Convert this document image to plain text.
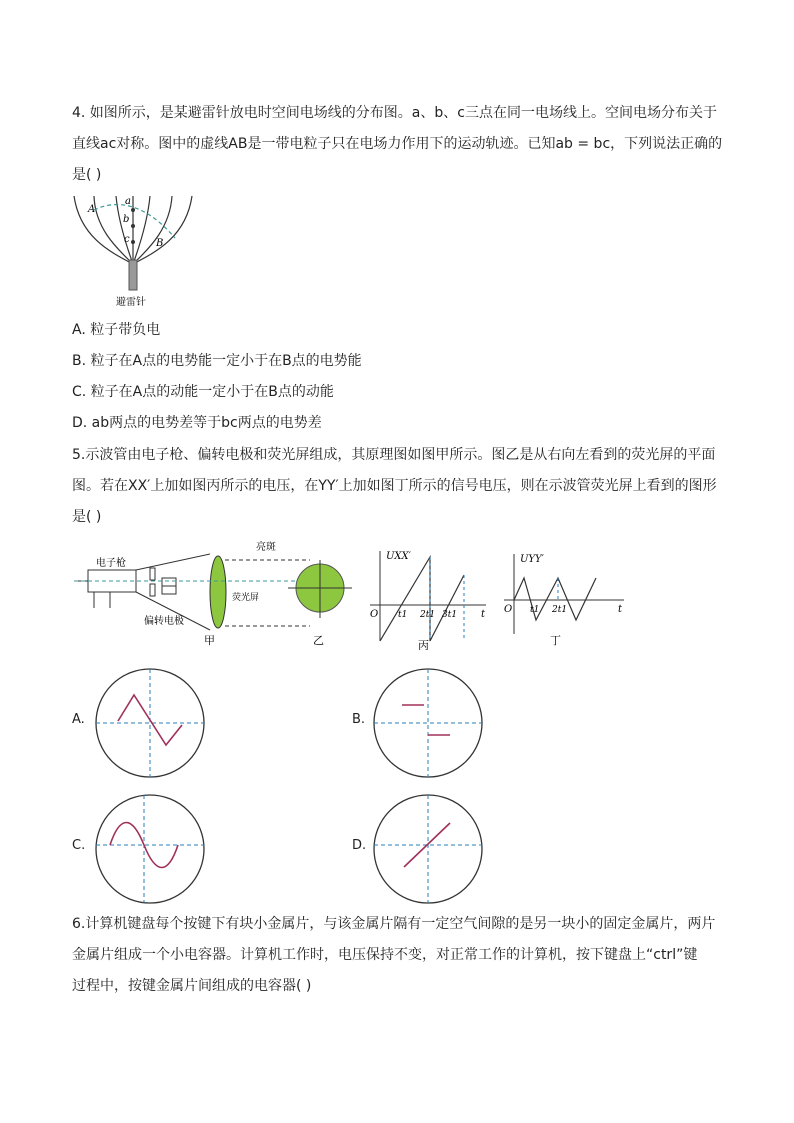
4. 如图所示，是某避雷针放电时空间电场线的分布图。a、b、c三点在同一电场线上。空间电场分布关于
直线ac对称。图中的虚线AB是一带电粒子只在电场力作用下的运动轨迹。已知ab = bc，下列说法正确的
是( )
A
a
b
c	B
避雷针
A. 粒子带负电
B. 粒子在A点的电势能一定小于在B点的电势能
C. 粒子在A点的动能一定小于在B点的动能
D. ab两点的电势差等于bc两点的电势差
5.示波管由电子枪、偏转电极和荧光屏组成，其原理图如图甲所示。图乙是从右向左看到的荧光屏的平面
图。若在XX′上加如图丙所示的电压，在YY′上加如图丁所示的信号电压，则在示波管荧光屏上看到的图形
是( )
电子枪
偏转电极
亮斑
荧光屏
甲	乙
UXX′
O t1 2t1 3t1 t
丙
UYY′
O t1 2t1	t
丁
A.	B.
C.	D.
6.计算机键盘每个按键下有块小金属片，与该金属片隔有一定空气间隙的是另一块小的固定金属片，两片
金属片组成一个小电容器。计算机工作时，电压保持不变，对正常工作的计算机，按下键盘上“ctrl”键
过程中，按键金属片间组成的电容器( )
